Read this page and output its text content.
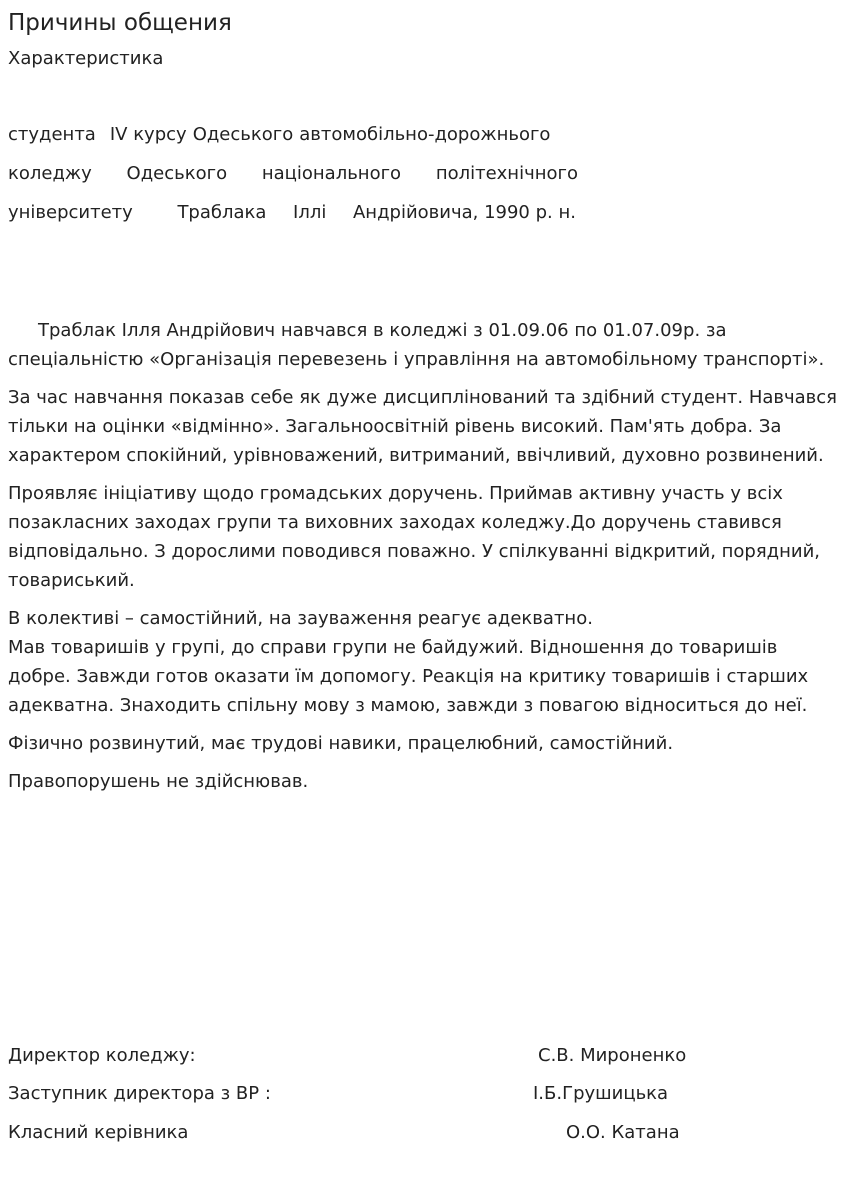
Причины общения
Характеристика
студента IV курсу Одеського автомобільно-дорожнього
коледжу Одеського національного політехнічного
університету Траблака Іллі Андрійовича, 1990 р. н.

Траблак Ілля Андрійович навчався в коледжі з 01.09.06 по 01.07.09р. за спеціальністю «Організація перевезень і управління на автомобільному транспорті».

За час навчання показав себе як дуже дисциплінований та здібний студент. Навчався тільки на оцінки «відмінно». Загальноосвітній рівень високий. Пам'ять добра. За характером спокійний, урівноважений, витриманий, ввічливий, духовно розвинений.

Проявляє ініціативу щодо громадських доручень. Приймав активну участь у всіх позакласних заходах групи та виховних заходах коледжу.До доручень ставився відповідально. З дорослими поводився поважно. У спілкуванні відкритий, порядний, товариський.

В колективі – самостійний, на зауваження реагує адекватно.
Мав товаришів у групі, до справи групи не байдужий. Відношення до товаришів добре. Завжди готов оказати їм допомогу. Реакція на критику товаришів і старших адекватна. Знаходить спільну мову з мамою, завжди з повагою відноситься до неї.

Фізично розвинутий, має трудові навики, працелюбний, самостійний.

Правопорушень не здійснював.

Директор коледжу:	С.В. Мироненко
Заступник директора з ВР :	І.Б.Грушицька
Класний керівника	О.О. Катана
